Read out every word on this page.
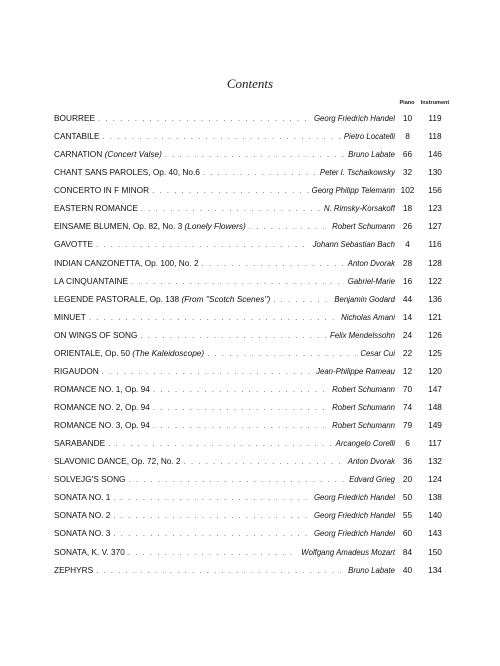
Contents
Piano	Instrument
BOURREE . . .	Georg Friedrich Handel 10	119
CANTABILE . . .	Pietro Locatelli	8	118
CARNATION (Concert Valse) . . .	Bruno Labate 66	146
CHANT SANS PAROLES, Op. 40, No.6 . . .	Peter I. Tschaikowsky 32	130
CONCERTO IN F MINOR . . .	Georg Philipp Telemann 102	156
EASTERN ROMANCE . . .	N. Rimsky-Korsakoff 18	123
EINSAME BLUMEN, Op. 82, No. 3 (Lonely Flowers) . . .	Robert Schumann 26	127
GAVOTTE . . .	Johann Sebastian Bach	4	116
INDIAN CANZONETTA, Op. 100, No. 2 . . .	Anton Dvorak 28	128
LA CINQUANTAINE . . .	Gabriel-Marie 16	122
LEGENDE PASTORALE, Op. 138 (From ''Scotch Scenes'') . . .	Benjamin Godard 44	136
MINUET . . .	Nicholas Amani 14	121
ON WINGS OF SONG . . .	Felix Mendelssohn 24	126
ORIENTALE, Op. 50 (The Kaleidoscope) . . .	Cesar Cui 22	125
RIGAUDON . . .	Jean-Philippe Rameau 12	120
ROMANCE NO. 1, Op. 94 . . .	Robert Schumann 70	147
ROMANCE NO. 2, Op. 94 . . .	Robert Schumann 74	148
ROMANCE NO. 3, Op. 94 . . .	Robert Schumann 79	149
SARABANDE . . .	Arcangelo Corelli	6	117
SLAVONIC DANCE, Op. 72, No. 2 . . .	Anton Dvorak 36	132
SOLVEJG'S SONG . . .	Edvard Grieg 20	124
SONATA NO. 1 . . .	Georg Friedrich Handel 50	138
SONATA NO. 2 . . .	Georg Friedrich Handel 55	140
SONATA NO. 3 . . .	Georg Friedrich Handel 60	143
SONATA, K. V. 370 . . .	Wolfgang Amadeus Mozart 84	150
ZEPHYRS . . .	Bruno Labate 40	134
